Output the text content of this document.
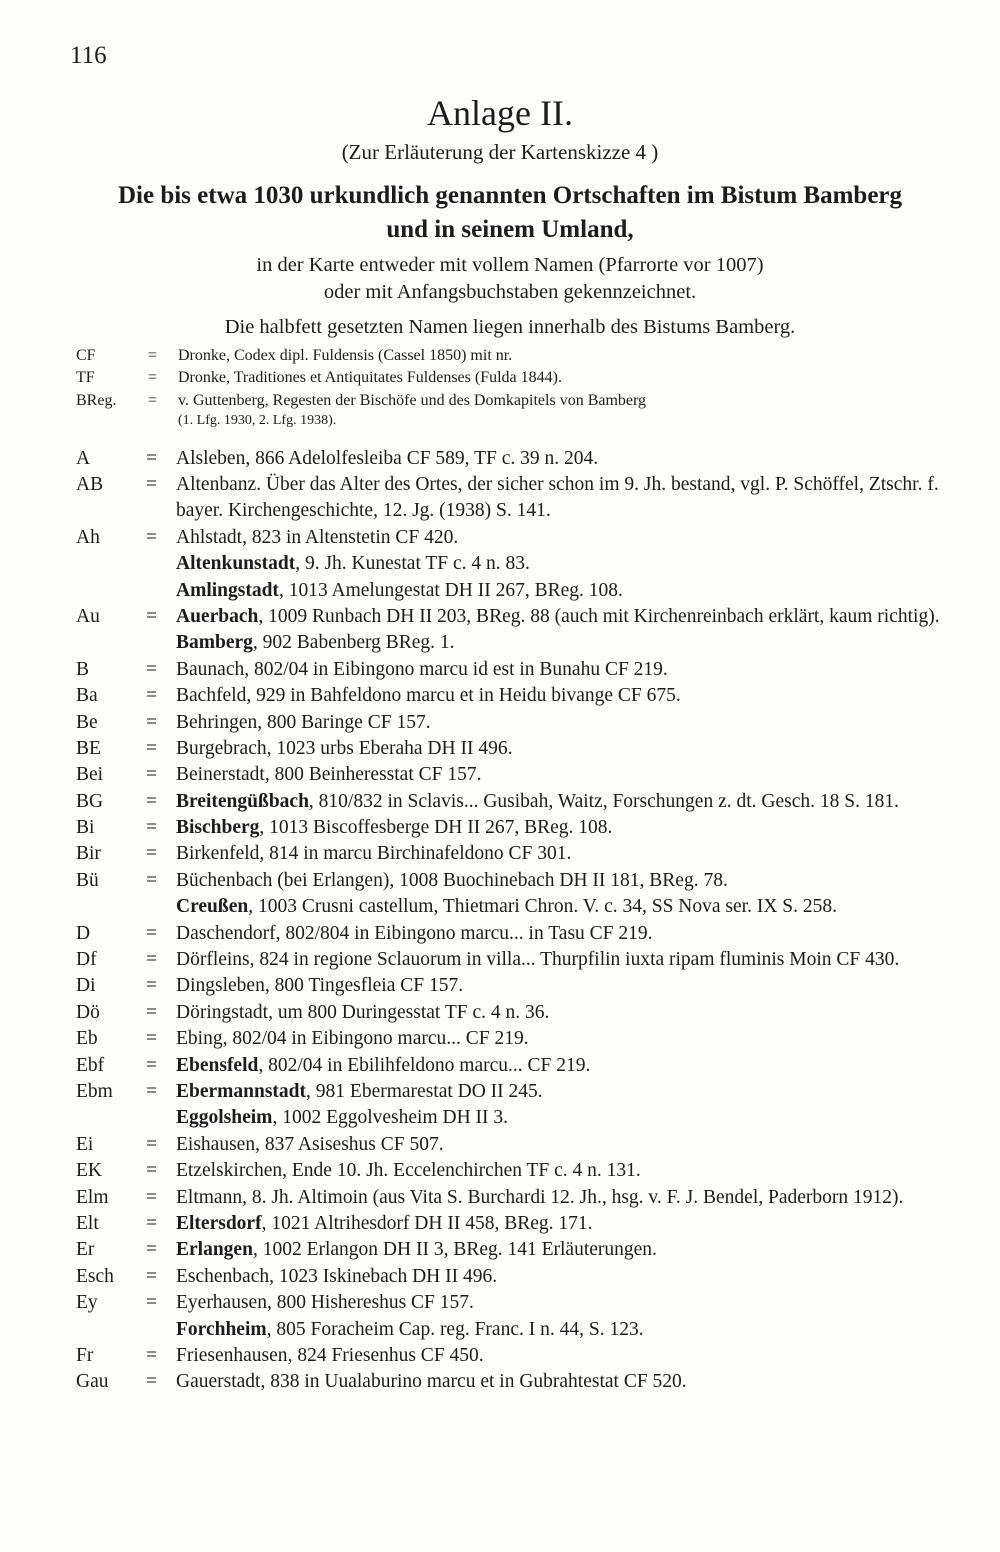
116
Anlage II.
(Zur Erläuterung der Kartenskizze 4 )
Die bis etwa 1030 urkundlich genannten Ortschaften im Bistum Bamberg
und in seinem Umland,
in der Karte entweder mit vollem Namen (Pfarrorte vor 1007)
oder mit Anfangsbuchstaben gekennzeichnet.
Die halbfett gesetzten Namen liegen innerhalb des Bistums Bamberg.
CF	= Dronke, Codex dipl. Fuldensis (Cassel 1850) mit nr.
TF	= Dronke, Traditiones et Antiquitates Fuldenses (Fulda 1844).
BReg. = v. Guttenberg, Regesten der Bischöfe und des Domkapitels von Bamberg
(1. Lfg. 1930, 2. Lfg. 1938).
A	= Alsleben, 866 Adelolfesleiba CF 589, TF c. 39 n. 204.
AB	= Altenbanz. Über das Alter des Ortes, der sicher schon im 9. Jh. bestand, vgl. P. Schöffel, Ztschr. f. bayer. Kirchengeschichte, 12. Jg. (1938) S. 141.
Ah	= Ahlstadt, 823 in Altenstetin CF 420.
Altenkunstadt, 9. Jh. Kunestat TF c. 4 n. 83.
Amlingstadt, 1013 Amelungestat DH II 267, BReg. 108.
Au	= Auerbach, 1009 Runbach DH II 203, BReg. 88 (auch mit Kirchenreinbach erklärt, kaum richtig).
Bamberg, 902 Babenberg BReg. 1.
B	= Baunach, 802/04 in Eibingono marcu id est in Bunahu CF 219.
Ba	= Bachfeld, 929 in Bahfeldono marcu et in Heidu bivange CF 675.
Be	= Behringen, 800 Baringe CF 157.
BE	= Burgebrach, 1023 urbs Eberaha DH II 496.
Bei	= Beinerstadt, 800 Beinheresstat CF 157.
BG	= Breitengüßbach, 810/832 in Sclavis... Gusibah, Waitz, Forschungen z. dt. Gesch. 18 S. 181.
Bi	= Bischberg, 1013 Biscoffesberge DH II 267, BReg. 108.
Bir	= Birkenfeld, 814 in marcu Birchinafeldono CF 301.
Bü	= Büchenbach (bei Erlangen), 1008 Buochinebach DH II 181, BReg. 78.
Creußen, 1003 Crusni castellum, Thietmari Chron. V. c. 34, SS Nova ser. IX S. 258.
D	= Daschendorf, 802/804 in Eibingono marcu... in Tasu CF 219.
Df	= Dörfleins, 824 in regione Sclauorum in villa... Thurpfilin iuxta ripam fluminis Moin CF 430.
Di	= Dingsleben, 800 Tingesfleia CF 157.
Dö	= Döringstadt, um 800 Duringesstat TF c. 4 n. 36.
Eb	= Ebing, 802/04 in Eibingono marcu... CF 219.
Ebf	= Ebensfeld, 802/04 in Ebilihfeldono marcu... CF 219.
Ebm	= Ebermannstadt, 981 Ebermarestat DO II 245.
Eggolsheim, 1002 Eggolvesheim DH II 3.
Ei	= Eishausen, 837 Asiseshus CF 507.
EK	= Etzelskirchen, Ende 10. Jh. Eccelenchirchen TF c. 4 n. 131.
Elm	= Eltmann, 8. Jh. Altimoin (aus Vita S. Burchardi 12. Jh., hsg. v. F. J. Bendel, Paderborn 1912).
Elt	= Eltersdorf, 1021 Altrihesdorf DH II 458, BReg. 171.
Er	= Erlangen, 1002 Erlangon DH II 3, BReg. 141 Erläuterungen.
Esch	= Eschenbach, 1023 Iskinebach DH II 496.
Ey	= Eyerhausen, 800 Hishereshus CF 157.
Forchheim, 805 Foracheim Cap. reg. Franc. I n. 44, S. 123.
Fr	= Friesenhausen, 824 Friesenhus CF 450.
Gau	= Gauerstadt, 838 in Uualaburino marcu et in Gubrahtestat CF 520.
